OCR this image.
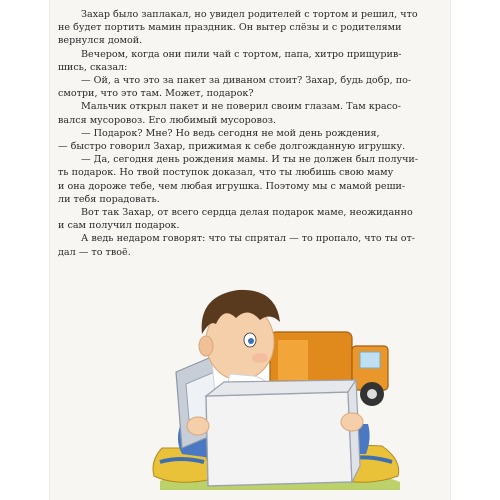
Захар было заплакал, но увидел родителей с тортом и решил, что
не будет портить мамин праздник. Он вытер слёзы и с родителями
вернулся домой.
Вечером, когда они пили чай с тортом, папа, хитро прищурив-
шись, сказал:
— Ой, а что это за пакет за диваном стоит? Захар, будь добр, по-
смотри, что это там. Может, подарок?
Мальчик открыл пакет и не поверил своим глазам. Там красо-
вался мусоровоз. Его любимый мусоровоз.
— Подарок? Мне? Но ведь сегодня не мой день рождения,
— быстро говорил Захар, прижимая к себе долгожданную игрушку.
— Да, сегодня день рождения мамы. И ты не должен был получи-
ть подарок. Но твой поступок доказал, что ты любишь свою маму
и она дороже тебе, чем любая игрушка. Поэтому мы с мамой реши-
ли тебя порадовать.
Вот так Захар, от всего сердца делая подарок маме, неожиданно
и сам получил подарок.
А ведь недаром говорят: что ты спрятал — то пропало, что ты от-
дал — то твоё.
